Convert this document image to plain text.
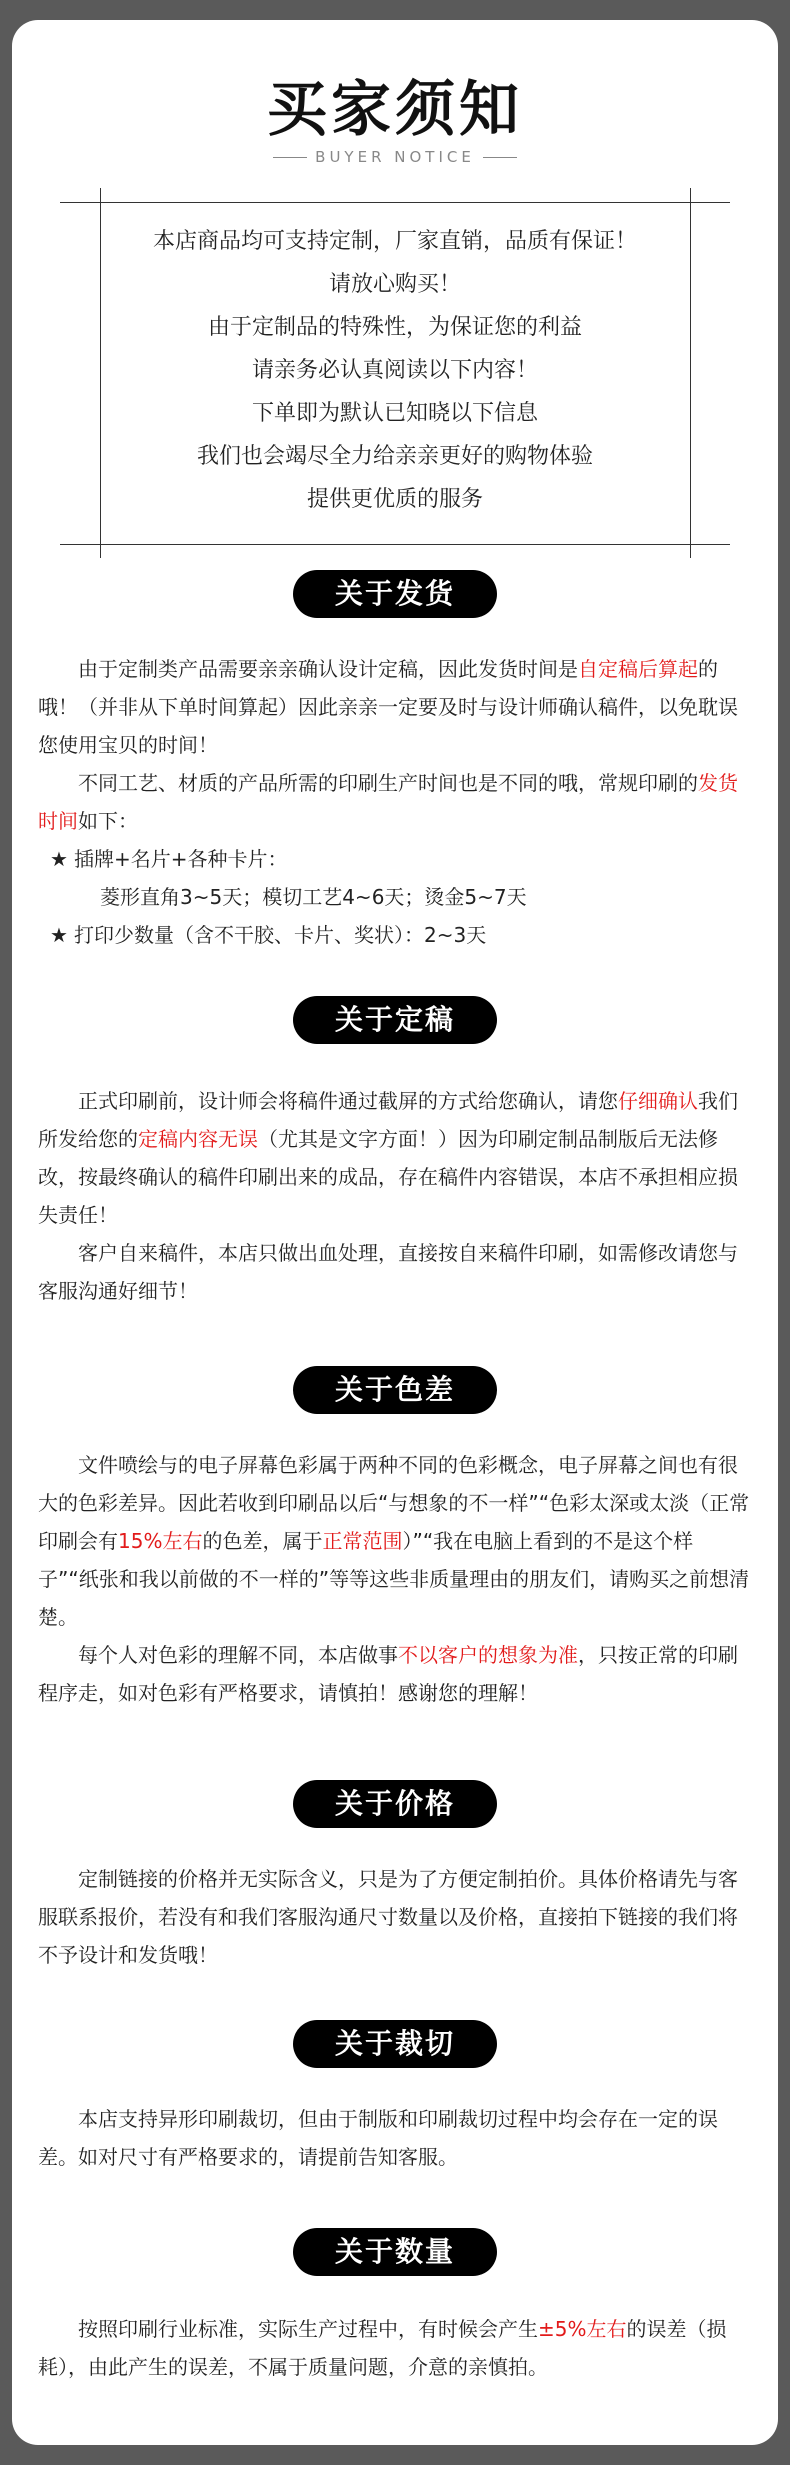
买家须知
BUYER NOTICE
本店商品均可支持定制，厂家直销，品质有保证！
请放心购买！
由于定制品的特殊性，为保证您的利益
请亲务必认真阅读以下内容！
下单即为默认已知晓以下信息
我们也会竭尽全力给亲亲更好的购物体验
提供更优质的服务
关于发货

由于定制类产品需要亲亲确认设计定稿，因此发货时间是自定稿后算起的哦！（并非从下单时间算起）因此亲亲一定要及时与设计师确认稿件，以免耽误您使用宝贝的时间！

不同工艺、材质的产品所需的印刷生产时间也是不同的哦，常规印刷的发货时间如下：

★ 插牌+名片+各种卡片：

菱形直角3~5天；模切工艺4~6天；烫金5~7天

★ 打印少数量（含不干胶、卡片、奖状）：2~3天

关于定稿

正式印刷前，设计师会将稿件通过截屏的方式给您确认，请您仔细确认我们所发给您的定稿内容无误（尤其是文字方面！）因为印刷定制品制版后无法修改，按最终确认的稿件印刷出来的成品，存在稿件内容错误，本店不承担相应损失责任！

客户自来稿件，本店只做出血处理，直接按自来稿件印刷，如需修改请您与客服沟通好细节！

关于色差

文件喷绘与的电子屏幕色彩属于两种不同的色彩概念，电子屏幕之间也有很大的色彩差异。因此若收到印刷品以后“与想象的不一样”“色彩太深或太淡（正常印刷会有15%左右的色差，属于正常范围）”“我在电脑上看到的不是这个样子”“纸张和我以前做的不一样的”等等这些非质量理由的朋友们，请购买之前想清楚。

每个人对色彩的理解不同，本店做事不以客户的想象为准，只按正常的印刷程序走，如对色彩有严格要求，请慎拍！感谢您的理解！

关于价格

定制链接的价格并无实际含义，只是为了方便定制拍价。具体价格请先与客服联系报价，若没有和我们客服沟通尺寸数量以及价格，直接拍下链接的我们将不予设计和发货哦！

关于裁切

本店支持异形印刷裁切，但由于制版和印刷裁切过程中均会存在一定的误差。如对尺寸有严格要求的，请提前告知客服。

关于数量

按照印刷行业标准，实际生产过程中，有时候会产生±5%左右的误差（损耗），由此产生的误差，不属于质量问题，介意的亲慎拍。
